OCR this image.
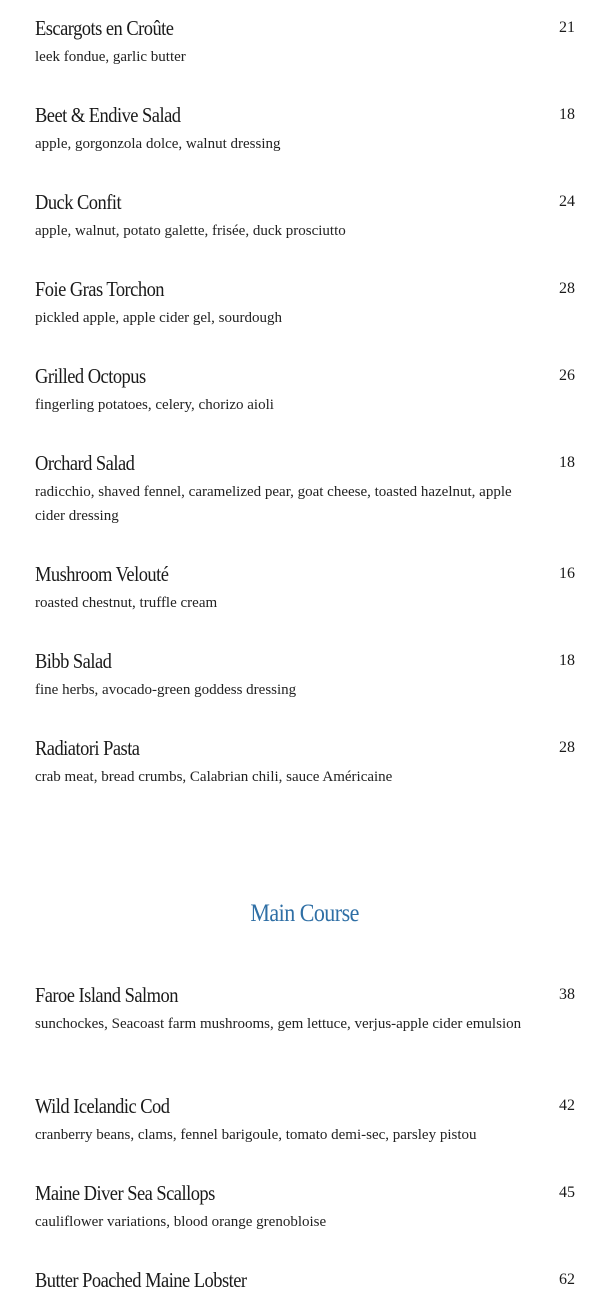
Escargots en Croûte	21
leek fondue, garlic butter
Beet & Endive Salad	18
apple, gorgonzola dolce, walnut dressing
Duck Confit	24
apple, walnut, potato galette, frisée, duck prosciutto
Foie Gras Torchon	28
pickled apple, apple cider gel, sourdough
Grilled Octopus	26
fingerling potatoes, celery, chorizo aioli
Orchard Salad	18
radicchio, shaved fennel, caramelized pear, goat cheese, toasted hazelnut, apple cider dressing
Mushroom Velouté	16
roasted chestnut, truffle cream
Bibb Salad	18
fine herbs, avocado-green goddess dressing
Radiatori Pasta	28
crab meat, bread crumbs, Calabrian chili, sauce Américaine
Faroe Island Salmon	38
sunchockes, Seacoast farm mushrooms, gem lettuce, verjus-apple cider emulsion
Wild Icelandic Cod	42
cranberry beans, clams, fennel barigoule, tomato demi-sec, parsley pistou
Maine Diver Sea Scallops	45
cauliflower variations, blood orange grenobloise
Butter Poached Maine Lobster	62
Main Course
